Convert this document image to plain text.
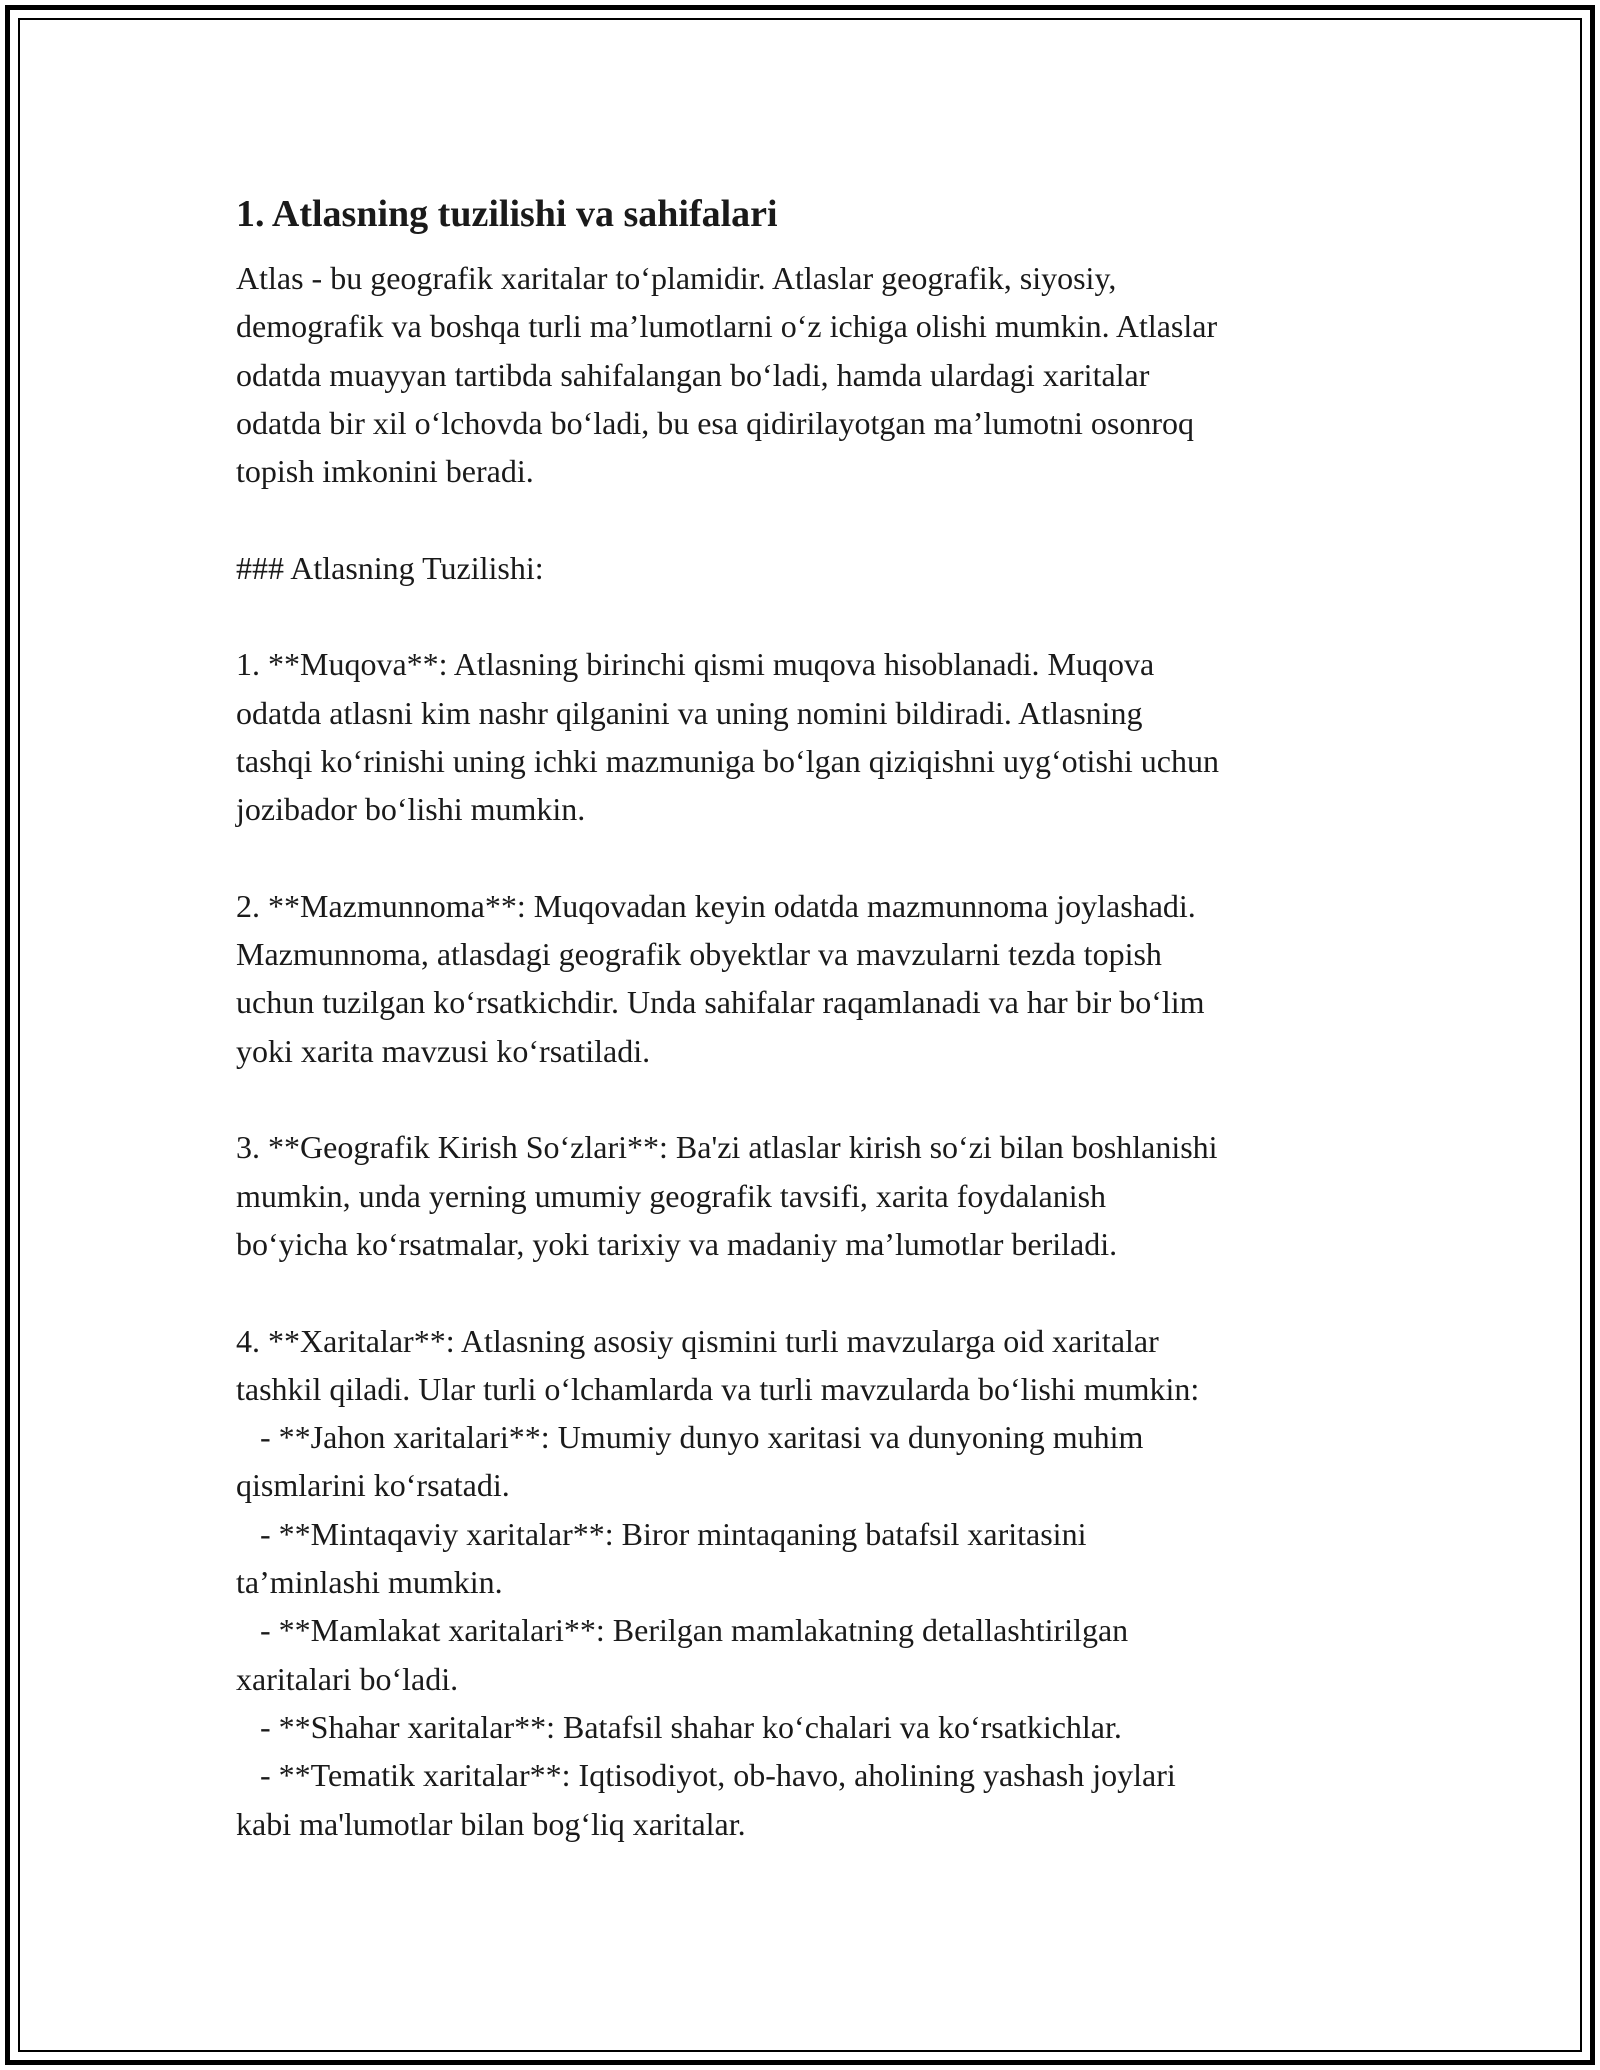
1. Atlasning tuzilishi va sahifalari
Atlas - bu geografik xaritalar to‘plamidir. Atlaslar geografik, siyosiy,
demografik va boshqa turli ma’lumotlarni o‘z ichiga olishi mumkin. Atlaslar
odatda muayyan tartibda sahifalangan bo‘ladi, hamda ulardagi xaritalar
odatda bir xil o‘lchovda bo‘ladi, bu esa qidirilayotgan ma’lumotni osonroq
topish imkonini beradi.
### Atlasning Tuzilishi:
1. **Muqova**: Atlasning birinchi qismi muqova hisoblanadi. Muqova
odatda atlasni kim nashr qilganini va uning nomini bildiradi. Atlasning
tashqi ko‘rinishi uning ichki mazmuniga bo‘lgan qiziqishni uyg‘otishi uchun
jozibador bo‘lishi mumkin.
2. **Mazmunnoma**: Muqovadan keyin odatda mazmunnoma joylashadi.
Mazmunnoma, atlasdagi geografik obyektlar va mavzularni tezda topish
uchun tuzilgan ko‘rsatkichdir. Unda sahifalar raqamlanadi va har bir bo‘lim
yoki xarita mavzusi ko‘rsatiladi.
3. **Geografik Kirish So‘zlari**: Ba'zi atlaslar kirish so‘zi bilan boshlanishi
mumkin, unda yerning umumiy geografik tavsifi, xarita foydalanish
bo‘yicha ko‘rsatmalar, yoki tarixiy va madaniy ma’lumotlar beriladi.
4. **Xaritalar**: Atlasning asosiy qismini turli mavzularga oid xaritalar
tashkil qiladi. Ular turli o‘lchamlarda va turli mavzularda bo‘lishi mumkin:
- **Jahon xaritalari**: Umumiy dunyo xaritasi va dunyoning muhim
qismlarini ko‘rsatadi.
- **Mintaqaviy xaritalar**: Biror mintaqaning batafsil xaritasini
ta’minlashi mumkin.
- **Mamlakat xaritalari**: Berilgan mamlakatning detallashtirilgan
xaritalari bo‘ladi.
- **Shahar xaritalar**: Batafsil shahar ko‘chalari va ko‘rsatkichlar.
- **Tematik xaritalar**: Iqtisodiyot, ob-havo, aholining yashash joylari
kabi ma'lumotlar bilan bog‘liq xaritalar.
